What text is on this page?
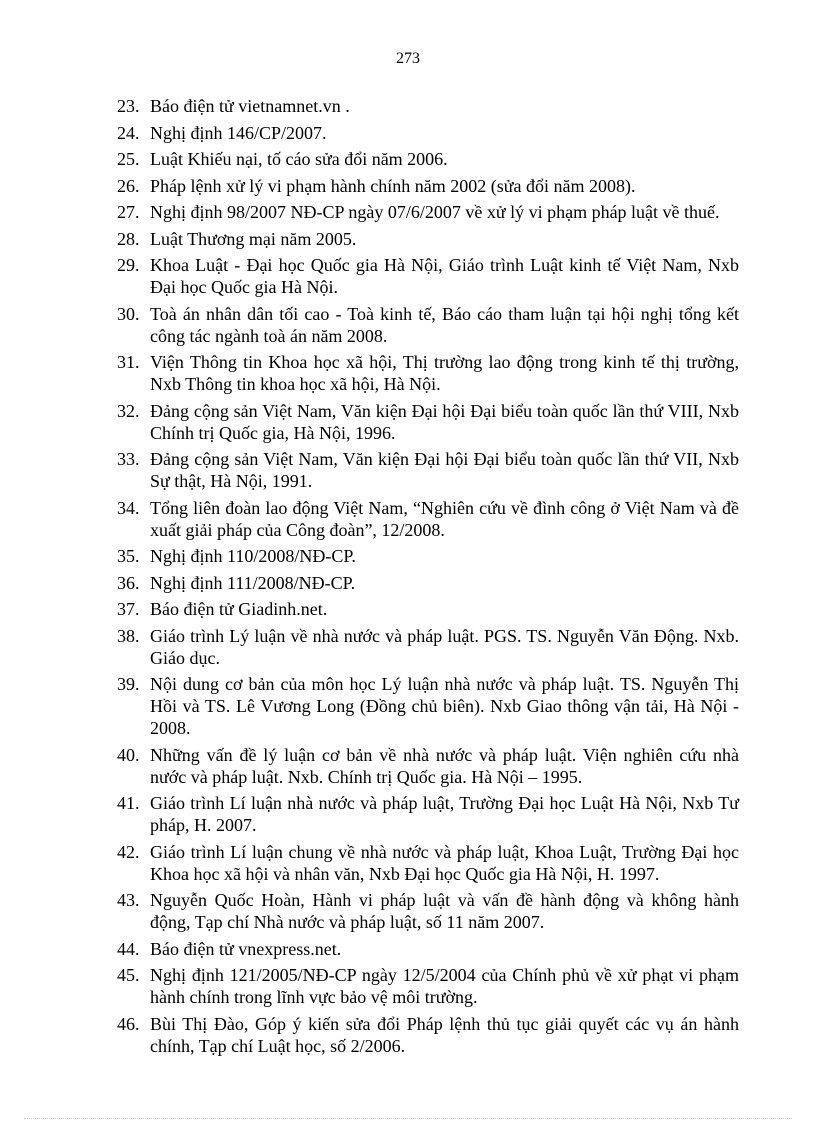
273
23. Báo điện tử vietnamnet.vn .
24. Nghị định 146/CP/2007.
25. Luật Khiếu nại, tố cáo sửa đổi năm 2006.
26. Pháp lệnh xử lý vi phạm hành chính năm 2002 (sửa đổi năm 2008).
27. Nghị định 98/2007 NĐ-CP ngày 07/6/2007 về xử lý vi phạm pháp luật về thuế.
28. Luật Thương mại năm 2005.
29. Khoa Luật - Đại học Quốc gia Hà Nội, Giáo trình Luật kinh tế Việt Nam, Nxb Đại học Quốc gia Hà Nội.
30. Toà án nhân dân tối cao - Toà kinh tế, Báo cáo tham luận tại hội nghị tổng kết công tác ngành toà án năm 2008.
31. Viện Thông tin Khoa học xã hội, Thị trường lao động trong kinh tế thị trường, Nxb Thông tin khoa học xã hội, Hà Nội.
32. Đảng cộng sản Việt Nam, Văn kiện Đại hội Đại biểu toàn quốc lần thứ VIII, Nxb Chính trị Quốc gia, Hà Nội, 1996.
33. Đảng cộng sản Việt Nam, Văn kiện Đại hội Đại biểu toàn quốc lần thứ VII, Nxb Sự thật, Hà Nội, 1991.
34. Tổng liên đoàn lao động Việt Nam, “Nghiên cứu về đình công ở Việt Nam và đề xuất giải pháp của Công đoàn”, 12/2008.
35. Nghị định 110/2008/NĐ-CP.
36. Nghị định 111/2008/NĐ-CP.
37. Báo điện tử Giadinh.net.
38. Giáo trình Lý luận về nhà nước và pháp luật. PGS. TS. Nguyễn Văn Động. Nxb. Giáo dục.
39. Nội dung cơ bản của môn học Lý luận nhà nước và pháp luật. TS. Nguyễn Thị Hồi và TS. Lê Vương Long (Đồng chủ biên). Nxb Giao thông vận tải, Hà Nội - 2008.
40. Những vấn đề lý luận cơ bản về nhà nước và pháp luật. Viện nghiên cứu nhà nước và pháp luật. Nxb. Chính trị Quốc gia. Hà Nội – 1995.
41. Giáo trình Lí luận nhà nước và pháp luật, Trường Đại học Luật Hà Nội, Nxb Tư pháp, H. 2007.
42. Giáo trình Lí luận chung về nhà nước và pháp luật, Khoa Luật, Trường Đại học Khoa học xã hội và nhân văn, Nxb Đại học Quốc gia Hà Nội, H. 1997.
43. Nguyễn Quốc Hoàn, Hành vi pháp luật và vấn đề hành động và không hành động, Tạp chí Nhà nước và pháp luật, số 11 năm 2007.
44. Báo điện tử vnexpress.net.
45. Nghị định 121/2005/NĐ-CP ngày 12/5/2004 của Chính phủ về xử phạt vi phạm hành chính trong lĩnh vực bảo vệ môi trường.
46. Bùi Thị Đào, Góp ý kiến sửa đổi Pháp lệnh thủ tục giải quyết các vụ án hành chính, Tạp chí Luật học, số 2/2006.
